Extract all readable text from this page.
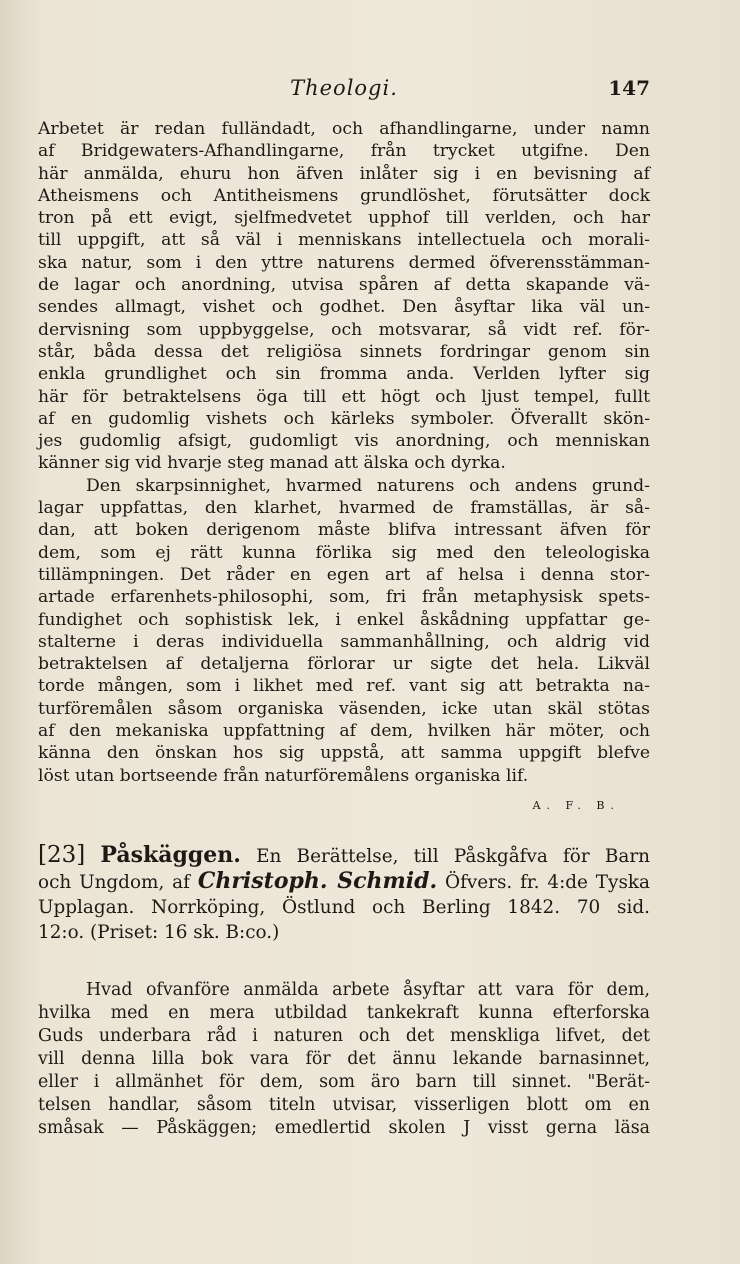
Theologi.	147
Arbetet är redan fulländadt, och afhandlingarne, under namn
af Bridgewaters-Afhandlingarne, från trycket utgifne. Den
här anmälda, ehuru hon äfven inlåter sig i en bevisning af
Atheismens och Antitheismens grundlöshet, förutsätter dock
tron på ett evigt, sjelfmedvetet upphof till verlden, och har
till uppgift, att så väl i menniskans intellectuela och morali-
ska natur, som i den yttre naturens dermed öfverensstämman-
de lagar och anordning, utvisa spåren af detta skapande vä-
sendes allmagt, vishet och godhet. Den åsyftar lika väl un-
dervisning som uppbyggelse, och motsvarar, så vidt ref. för-
står, båda dessa det religiösa sinnets fordringar genom sin
enkla grundlighet och sin fromma anda. Verlden lyfter sig
här för betraktelsens öga till ett högt och ljust tempel, fullt
af en gudomlig vishets och kärleks symboler. Öfverallt skön-
jes gudomlig afsigt, gudomligt vis anordning, och menniskan
känner sig vid hvarje steg manad att älska och dyrka.
Den skarpsinnighet, hvarmed naturens och andens grund-
lagar uppfattas, den klarhet, hvarmed de framställas, är så-
dan, att boken derigenom måste blifva intressant äfven för
dem, som ej rätt kunna förlika sig med den teleologiska
tillämpningen. Det råder en egen art af helsa i denna stor-
artade erfarenhets-philosophi, som, fri från metaphysisk spets-
fundighet och sophistisk lek, i enkel åskådning uppfattar ge-
stalterne i deras individuella sammanhållning, och aldrig vid
betraktelsen af detaljerna förlorar ur sigte det hela. Likväl
torde mången, som i likhet med ref. vant sig att betrakta na-
turföremålen såsom organiska väsenden, icke utan skäl stötas
af den mekaniska uppfattning af dem, hvilken här möter, och
känna den önskan hos sig uppstå, att samma uppgift blefve
löst utan bortseende från naturföremålens organiska lif.
A. F. B.
[23] Påskäggen. En Berättelse, till Påskgåfva för Barn
och Ungdom, af Christoph. Schmid. Öfvers. fr. 4:de Tyska
Upplagan. Norrköping, Östlund och Berling 1842. 70 sid.
12:o. (Priset: 16 sk. B:co.)
Hvad ofvanföre anmälda arbete åsyftar att vara för dem,
hvilka med en mera utbildad tankekraft kunna efterforska
Guds underbara råd i naturen och det menskliga lifvet, det
vill denna lilla bok vara för det ännu lekande barnasinnet,
eller i allmänhet för dem, som äro barn till sinnet. "Berät-
telsen handlar, såsom titeln utvisar, visserligen blott om en
småsak — Påskäggen; emedlertid skolen J visst gerna läsa
